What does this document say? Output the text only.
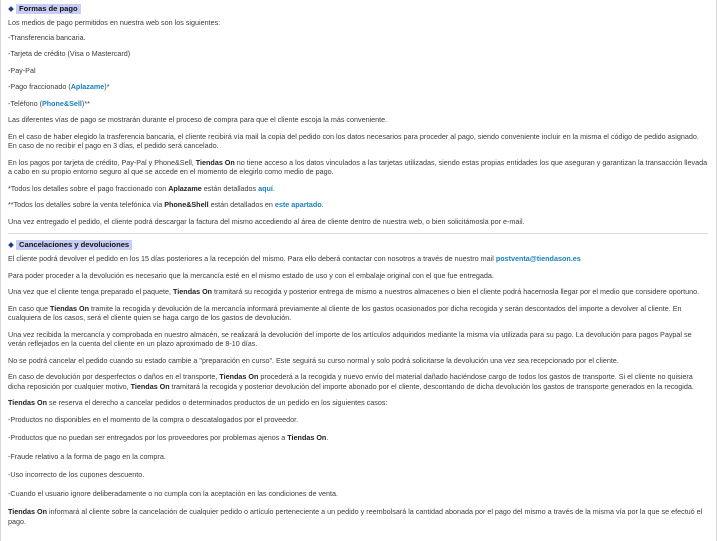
Formas de pago

Los medios de pago permitidos en nuestra web son los siguientes:

-Transferencia bancaria.

-Tarjeta de crédito (Visa o Mastercard)

-Pay-Pal

-Pago fraccionado (Aplazame)*

-Teléfono (Phone&Sell)**

Las diferentes vías de pago se mostrarán durante el proceso de compra para que el cliente escoja la más conveniente.

En el caso de haber elegido la trasferencia bancaria, el cliente recibirá vía mail la copia del pedido con los datos necesarios para proceder al pago, siendo conveniente incluir en la misma el código de pedido asignado. En caso de no recibir el pago en 3 días, el pedido será cancelado.

En los pagos por tarjeta de crédito, Pay-Pal y Phone&Sell, Tiendas On no tiene acceso a los datos vinculados a las tarjetas utilizadas, siendo estas propias entidades los que aseguran y garantizan la transacción llevada a cabo en su propio entorno seguro al que se accede en el momento de elegirlo como medio de pago.

*Todos los detalles sobre el pago fraccionado con Aplazame están detallados aquí.

**Todos los detalles sobre la venta telefónica vía Phone&Shell están detallados en este apartado.

Una vez entregado el pedido, el cliente podrá descargar la factura del mismo accediendo al área de cliente dentro de nuestra web, o bien solicitámosla por e-mail.

Cancelaciones y devoluciones

El cliente podrá devolver el pedido en los 15 días posteriores a la recepción del mismo. Para ello deberá contactar con nosotros a través de nuestro mail postventa@tiendason.es

Para poder proceder a la devolución es necesario que la mercancía esté en el mismo estado de uso y con el embalaje original con el que fue entregada.

Una vez que el cliente tenga preparado el paquete, Tiendas On tramitará su recogida y posterior entrega de mismo a nuestros almacenes o bien el cliente podrá hacernosla llegar por el medio que considere oportuno.

En caso que Tiendas On tramite la recogida y devolución de la mercancía informará previamente al cliente de los gastos ocasionados por dicha recogida y serán descontados del importe a devolver al cliente. En cualquiera de los casos, será el cliente quien se haga cargo de los gastos de devolución.

Una vez recibida la mercancía y comprobada en nuestro almacén, se realizará la devolución del importe de los artículos adquiridos mediante la misma vía utilizada para su pago. La devolución para pagos Paypal se verán reflejados en la cuenta del cliente en un plazo aproximado de 8-10 días.

No se podrá cancelar el pedido cuando su estado cambie a "preparación en curso". Este seguirá su curso normal y solo podrá solicitarse la devolución una vez sea recepcionado por el cliente.

En caso de devolución por desperfectos o daños en el transporte, Tiendas On procederá a la recogida y nuevo envío del material dañado haciéndose cargo de todos los gastos de transporte. Si el cliente no quisiera dicha reposición por cualquier motivo, Tiendas On tramitará la recogida y posterior devolución del importe abonado por el cliente, descontando de dicha devolución los gastos de transporte generados en la recogida.

Tiendas On se reserva el derecho a cancelar pedidos o determinados productos de un pedido en los siguientes casos:

-Productos no disponibles en el momento de la compra o descatalogados por el proveedor.

-Productos que no puedan ser entregados por los proveedores por problemas ajenos a Tiendas On.

-Fraude relativo a la forma de pago en la compra.

-Uso incorrecto de los cupones descuento.

-Cuando el usuario ignore deliberadamente o no cumpla con la aceptación en las condiciones de venta.

Tiendas On informará al cliente sobre la cancelación de cualquier pedido o artículo perteneciente a un pedido y reembolsará la cantidad abonada por el pago del mismo a través de la misma vía por la que se efectuó el pago.
